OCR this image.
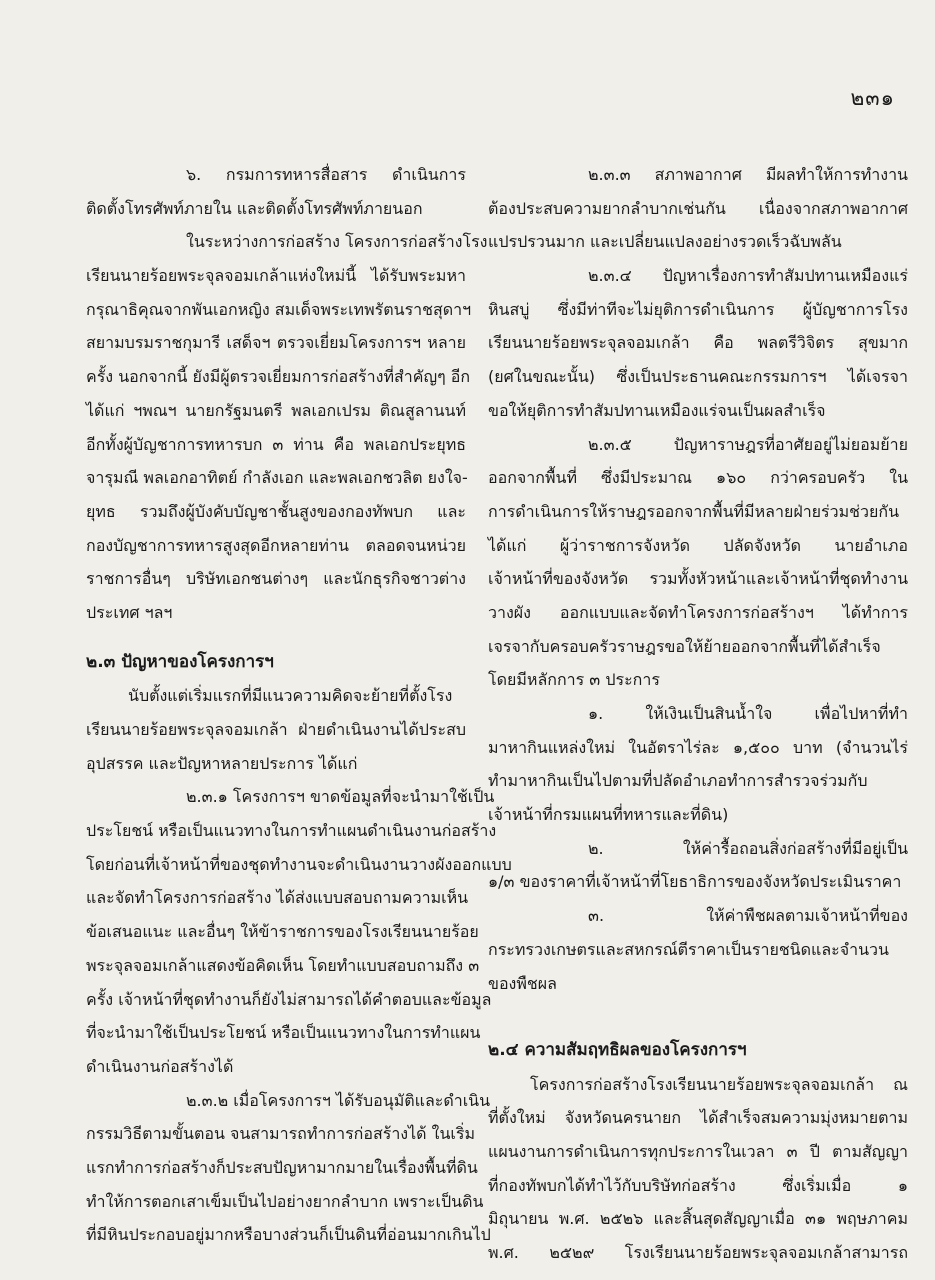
๒๓๑
๖. กรมการทหารสื่อสาร ดำเนินการ
ติดตั้งโทรศัพท์ภายใน และติดตั้งโทรศัพท์ภายนอก
ในระหว่างการก่อสร้าง โครงการก่อสร้างโรง
เรียนนายร้อยพระจุลจอมเกล้าแห่งใหม่นี้ ได้รับพระมหา
กรุณาธิคุณจากพันเอกหญิง สมเด็จพระเทพรัตนราชสุดาฯ
สยามบรมราชกุมารี เสด็จฯ ตรวจเยี่ยมโครงการฯ หลาย
ครั้ง นอกจากนี้ ยังมีผู้ตรวจเยี่ยมการก่อสร้างที่สำคัญๆ อีก
ได้แก่ ฯพณฯ นายกรัฐมนตรี พลเอกเปรม ติณสูลานนท์
อีกทั้งผู้บัญชาการทหารบก ๓ ท่าน คือ พลเอกประยุทธ
จารุมณี พลเอกอาทิตย์ กำลังเอก และพลเอกชวลิต ยงใจ-
ยุทธ รวมถึงผู้บังคับบัญชาชั้นสูงของกองทัพบก และ
กองบัญชาการทหารสูงสุดอีกหลายท่าน ตลอดจนหน่วย
ราชการอื่นๆ บริษัทเอกชนต่างๆ และนักธุรกิจชาวต่าง
ประเทศ ฯลฯ
๒.๓ ปัญหาของโครงการฯ
นับตั้งแต่เริ่มแรกที่มีแนวความคิดจะย้ายที่ตั้งโรง
เรียนนายร้อยพระจุลจอมเกล้า ฝ่ายดำเนินงานได้ประสบ
อุปสรรค และปัญหาหลายประการ ได้แก่
๒.๓.๑ โครงการฯ ขาดข้อมูลที่จะนำมาใช้เป็น
ประโยชน์ หรือเป็นแนวทางในการทำแผนดำเนินงานก่อสร้าง
โดยก่อนที่เจ้าหน้าที่ของชุดทำงานจะดำเนินงานวางผังออกแบบ
และจัดทำโครงการก่อสร้าง ได้ส่งแบบสอบถามความเห็น
ข้อเสนอแนะ และอื่นๆ ให้ข้าราชการของโรงเรียนนายร้อย
พระจุลจอมเกล้าแสดงข้อคิดเห็น โดยทำแบบสอบถามถึง ๓
ครั้ง เจ้าหน้าที่ชุดทำงานก็ยังไม่สามารถได้คำตอบและข้อมูล
ที่จะนำมาใช้เป็นประโยชน์ หรือเป็นแนวทางในการทำแผน
ดำเนินงานก่อสร้างได้
๒.๓.๒ เมื่อโครงการฯ ได้รับอนุมัติและดำเนิน
กรรมวิธีตามขั้นตอน จนสามารถทำการก่อสร้างได้ ในเริ่ม
แรกทำการก่อสร้างก็ประสบปัญหามากมายในเรื่องพื้นที่ดิน
ทำให้การตอกเสาเข็มเป็นไปอย่างยากลำบาก เพราะเป็นดิน
ที่มีหินประกอบอยู่มากหรือบางส่วนก็เป็นดินที่อ่อนมากเกินไป
๒.๓.๓ สภาพอากาศ มีผลทำให้การทำงาน
ต้องประสบความยากลำบากเช่นกัน เนื่องจากสภาพอากาศ
แปรปรวนมาก และเปลี่ยนแปลงอย่างรวดเร็วฉับพลัน
๒.๓.๔ ปัญหาเรื่องการทำสัมปทานเหมืองแร่
หินสบู่ ซึ่งมีท่าทีจะไม่ยุติการดำเนินการ ผู้บัญชาการโรง
เรียนนายร้อยพระจุลจอมเกล้า คือ พลตรีวิจิตร สุขมาก
(ยศในขณะนั้น) ซึ่งเป็นประธานคณะกรรมการฯ ได้เจรจา
ขอให้ยุติการทำสัมปทานเหมืองแร่จนเป็นผลสำเร็จ
๒.๓.๕ ปัญหาราษฎรที่อาศัยอยู่ไม่ยอมย้าย
ออกจากพื้นที่ ซึ่งมีประมาณ ๑๖๐ กว่าครอบครัว ใน
การดำเนินการให้ราษฎรออกจากพื้นที่มีหลายฝ่ายร่วมช่วยกัน
ได้แก่ ผู้ว่าราชการจังหวัด ปลัดจังหวัด นายอำเภอ
เจ้าหน้าที่ของจังหวัด รวมทั้งหัวหน้าและเจ้าหน้าที่ชุดทำงาน
วางผัง ออกแบบและจัดทำโครงการก่อสร้างฯ ได้ทำการ
เจรจากับครอบครัวราษฎรขอให้ย้ายออกจากพื้นที่ได้สำเร็จ
โดยมีหลักการ ๓ ประการ
๑. ให้เงินเป็นสินน้ำใจ เพื่อไปหาที่ทำ
มาหากินแหล่งใหม่ ในอัตราไร่ละ ๑,๕๐๐ บาท (จำนวนไร่
ทำมาหากินเป็นไปตามที่ปลัดอำเภอทำการสำรวจร่วมกับ
เจ้าหน้าที่กรมแผนที่ทหารและที่ดิน)
๒. ให้ค่ารื้อถอนสิ่งก่อสร้างที่มีอยู่เป็น
๑/๓ ของราคาที่เจ้าหน้าที่โยธาธิการของจังหวัดประเมินราคา
๓. ให้ค่าพืชผลตามเจ้าหน้าที่ของ
กระทรวงเกษตรและสหกรณ์ตีราคาเป็นรายชนิดและจำนวน
ของพืชผล
๒.๔ ความสัมฤทธิผลของโครงการฯ
โครงการก่อสร้างโรงเรียนนายร้อยพระจุลจอมเกล้า ณ
ที่ตั้งใหม่ จังหวัดนครนายก ได้สำเร็จสมความมุ่งหมายตาม
แผนงานการดำเนินการทุกประการในเวลา ๓ ปี ตามสัญญา
ที่กองทัพบกได้ทำไว้กับบริษัทก่อสร้าง ซึ่งเริ่มเมื่อ ๑
มิถุนายน พ.ศ. ๒๕๒๖ และสิ้นสุดสัญญาเมื่อ ๓๑ พฤษภาคม
พ.ศ. ๒๕๒๙ โรงเรียนนายร้อยพระจุลจอมเกล้าสามารถ
